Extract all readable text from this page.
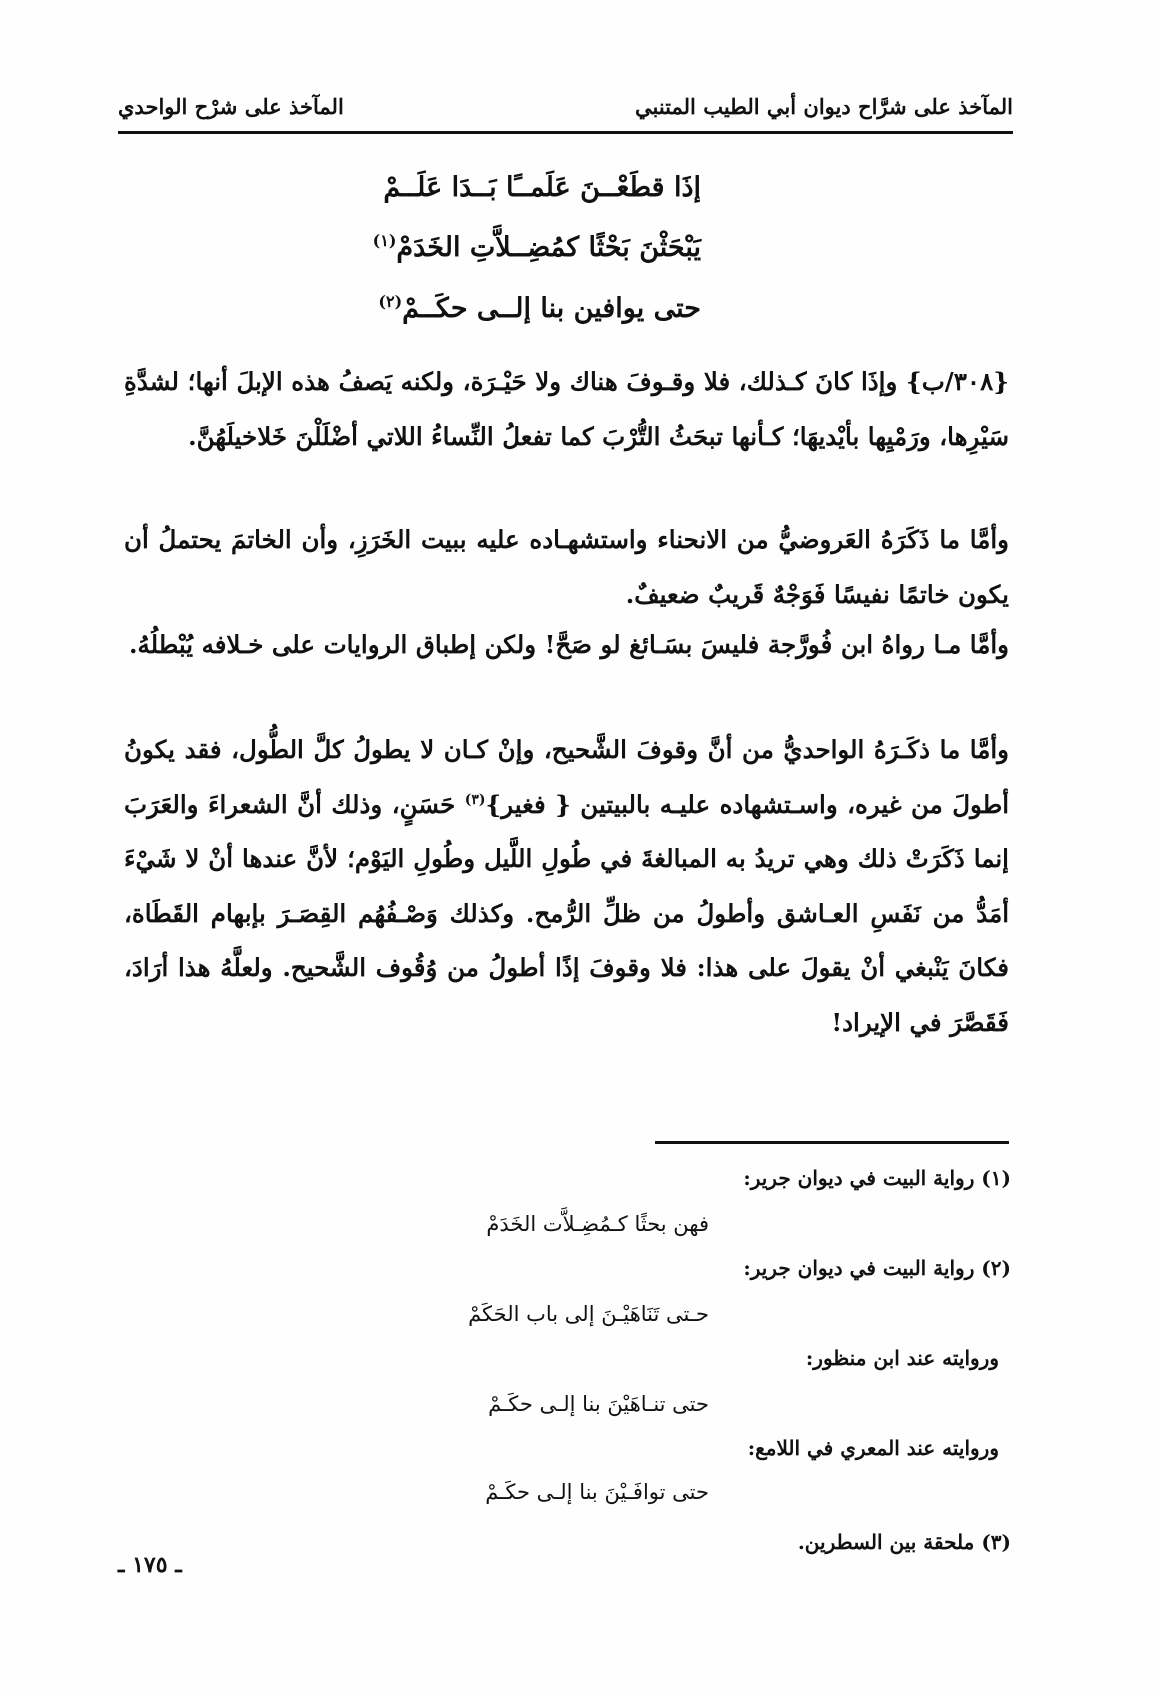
المآخذ على شرَّاح ديوان أبي الطيب المتنبي
المآخذ على شرْح الواحدي
إذَا قطَعْــنَ عَلَمــًا بَــدَا عَلَــمْ
يَبْحَثْنَ بَحْثًا كمُضِــلاَّتِ الخَدَمْ$^{(١)}$
حتى يوافين بنا إلــى حكَــمْ$^{(٢)}$
{٣٠٨/ب} وإذَا كانَ كـذلك، فلا وقـوفَ هناك ولا حَيْـرَة، ولكنه يَصفُ هذه الإبلَ أنها؛ لشدَّةِ سَيْرِها، ورَمْيِها بأيْديهَا؛ كـأنها تبحَثُ التُّرْبَ كما تفعلُ النِّساءُ اللاتي أضْلَلْنَ خَلاخيلَهُنَّ.
وأمَّا ما ذَكَرَهُ العَروضيُّ من الانحناء واستشهـاده عليه ببيت الخَرَزِ، وأن الخاتمَ يحتملُ أن يكون خاتمًا نفيسًا فَوَجْهٌ قَريبٌ ضعيفٌ.
وأمَّا مـا رواهُ ابن فُورَّجة فليسَ بسَـائغ لو صَحَّ! ولكن إطباق الروايات على خـلافه يُبْطلُهُ.
وأمَّا ما ذكَـرَهُ الواحديُّ من أنَّ وقوفَ الشَّحيح، وإنْ كـان لا يطولُ كلَّ الطُّول، فقد يكونُ أطولَ من غيره، واسـتشهاده عليـه بالبيتين { فغير}$^{(٣)}$ حَسَنٍ، وذلك أنَّ الشعراءَ والعَرَبَ إنما ذَكَرَتْ ذلك وهي تريدُ به المبالغةَ في طُولِ اللَّيل وطُولِ اليَوْم؛ لأنَّ عندها أنْ لا شَيْءَ أمَدُّ من نَفَسِ العـاشق وأطولُ من ظلِّ الرُّمح. وكذلك وَصْـفُهُم القِصَـرَ بإبهام القَطَاة، فكانَ يَنْبغي أنْ يقولَ على هذا: فلا وقوفَ إذًا أطولُ من وُقُوف الشَّحيح. ولعلَّهُ هذا أرَادَ، فَقَصَّرَ في الإيراد!
(١) رواية البيت في ديوان جرير:
فهن بحثًا كـمُضِـلاَّت الخَدَمْ
(٢) رواية البيت في ديوان جرير:
حـتى تَنَاهَيْـنَ إلى باب الحَكَمْ
وروايته عند ابن منظور:
حتى تنـاهَيْنَ بنا إلـى حكَـمْ
وروايته عند المعري في اللامع:
حتى توافَـيْنَ بنا إلـى حكَـمْ
(٣) ملحقة بين السطرين.
ـ ١٧٥ ـ
